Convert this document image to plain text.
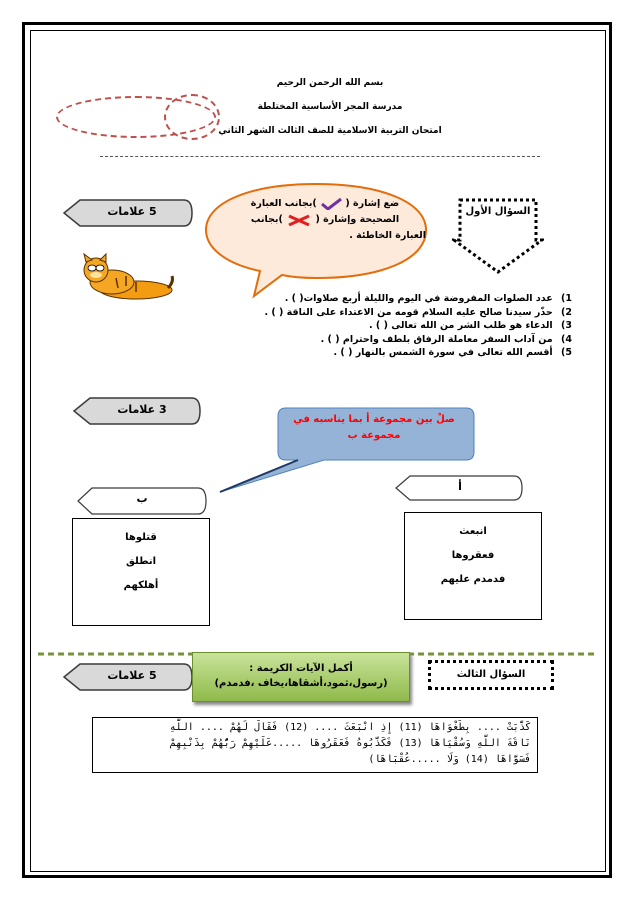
بسم الله الرحمن الرحيم
مدرسة المجر الأساسية المختلطة
امتحان التربية الاسلامية للصف الثالث الشهر الثاني
5 علامات
ضع إشارة (  )بجانب العبارة
الصحيحة وإشارة (  )بجانب
العبارة الخاطئة .
السؤال الأول
1) عدد الصلوات المفروضة في اليوم والليلة أربع صلاوات( ) .
2) حذّر سيدنا صالح عليه السلام قومه من الاعتداء على الناقة ( ) .
3) الدعاء هو طلب الشر من الله تعالى ( ) .
4) من آداب السفر معاملة الرفاق بلطف واحترام ( ) .
5) أقسم الله تعالى في سورة الشمس بالنهار ( ) .
3 علامات
صلْ بين مجموعة أ بما يناسبه في مجموعة ب
أ
ب
انبعث
فعقروها
فدمدم عليهم
قتلوها
انطلق
أهلكهم
5 علامات
أكمل الآيات الكريمة :
(رسول،ثمود،أشقاها،يخاف ،فدمدم)
السؤال الثالث
كَذَّبَتْ .... بِطَغْوَاهَا (11) إِذِ انْبَعَثَ .... (12) فَقَالَ لَهُمْ .... اللَّهِ
نَاقَةَ اللَّهِ وَسُقْيَاهَا (13) فَكَذَّبُوهُ فَعَقَرُوهَا .....عَلَيْهِمْ رَبُّهُمْ بِذَنْبِهِمْ
فَسَوَّاهَا (14) وَلَا .....عُقْبَاهَا)
